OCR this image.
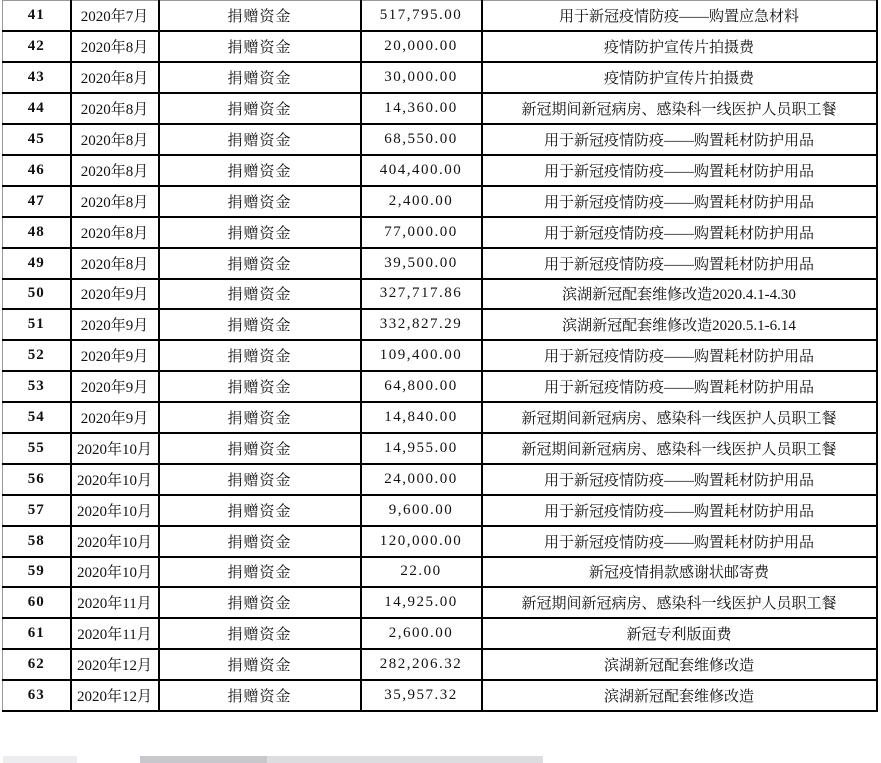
41	2020年7月	捐赠资金	517,795.00	用于新冠疫情防疫——购置应急材料
42	2020年8月	捐赠资金	20,000.00	疫情防护宣传片拍摄费
43	2020年8月	捐赠资金	30,000.00	疫情防护宣传片拍摄费
44	2020年8月	捐赠资金	14,360.00	新冠期间新冠病房、感染科一线医护人员职工餐
45	2020年8月	捐赠资金	68,550.00	用于新冠疫情防疫——购置耗材防护用品
46	2020年8月	捐赠资金	404,400.00	用于新冠疫情防疫——购置耗材防护用品
47	2020年8月	捐赠资金	2,400.00	用于新冠疫情防疫——购置耗材防护用品
48	2020年8月	捐赠资金	77,000.00	用于新冠疫情防疫——购置耗材防护用品
49	2020年8月	捐赠资金	39,500.00	用于新冠疫情防疫——购置耗材防护用品
50	2020年9月	捐赠资金	327,717.86	滨湖新冠配套维修改造2020.4.1-4.30
51	2020年9月	捐赠资金	332,827.29	滨湖新冠配套维修改造2020.5.1-6.14
52	2020年9月	捐赠资金	109,400.00	用于新冠疫情防疫——购置耗材防护用品
53	2020年9月	捐赠资金	64,800.00	用于新冠疫情防疫——购置耗材防护用品
54	2020年9月	捐赠资金	14,840.00	新冠期间新冠病房、感染科一线医护人员职工餐
55	2020年10月	捐赠资金	14,955.00	新冠期间新冠病房、感染科一线医护人员职工餐
56	2020年10月	捐赠资金	24,000.00	用于新冠疫情防疫——购置耗材防护用品
57	2020年10月	捐赠资金	9,600.00	用于新冠疫情防疫——购置耗材防护用品
58	2020年10月	捐赠资金	120,000.00	用于新冠疫情防疫——购置耗材防护用品
59	2020年10月	捐赠资金	22.00	新冠疫情捐款感谢状邮寄费
60	2020年11月	捐赠资金	14,925.00	新冠期间新冠病房、感染科一线医护人员职工餐
61	2020年11月	捐赠资金	2,600.00	新冠专利版面费
62	2020年12月	捐赠资金	282,206.32	滨湖新冠配套维修改造
63	2020年12月	捐赠资金	35,957.32	滨湖新冠配套维修改造
